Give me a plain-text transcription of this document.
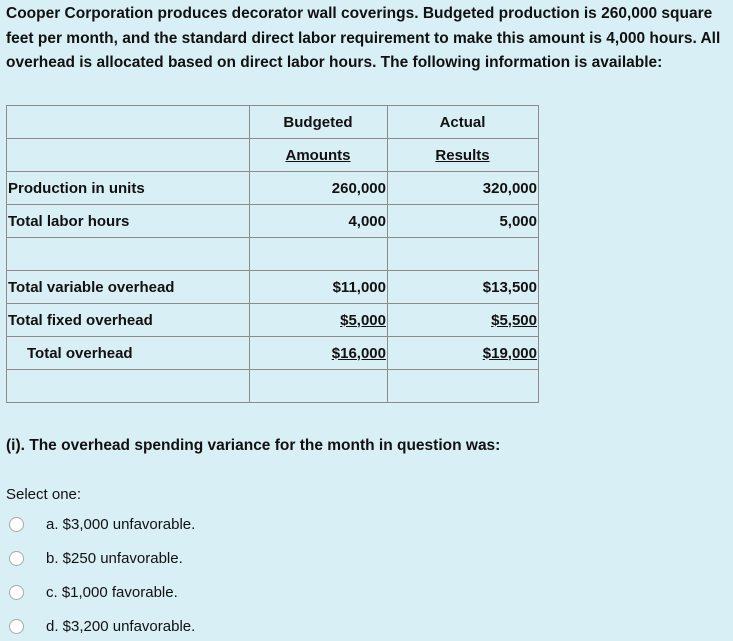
Cooper Corporation produces decorator wall coverings. Budgeted production is 260,000 square feet per month, and the standard direct labor requirement to make this amount is 4,000 hours. All overhead is allocated based on direct labor hours. The following information is available:

	Budgeted	Actual
	Amounts	Results
Production in units	260,000	320,000
Total labor hours	4,000	5,000

Total variable overhead	$11,000	$13,500
Total fixed overhead	$5,000	$5,500
Total overhead	$16,000	$19,000

(i). The overhead spending variance for the month in question was:

Select one:

a. $3,000 unfavorable.
b. $250 unfavorable.
c. $1,000 favorable.
d. $3,200 unfavorable.
